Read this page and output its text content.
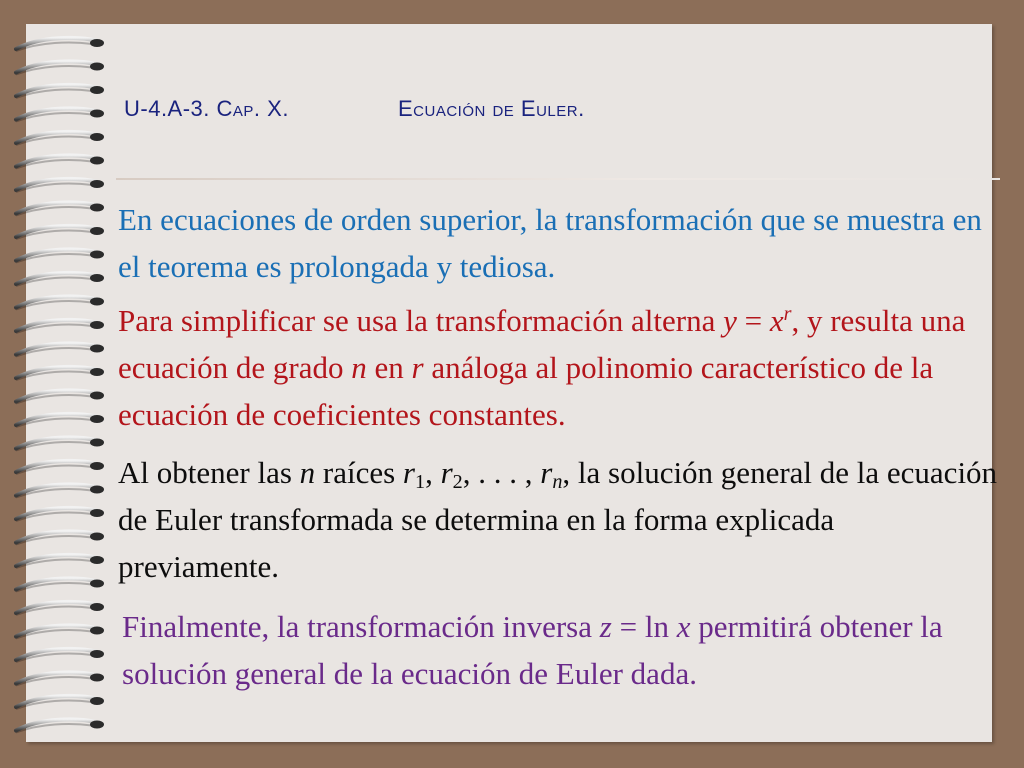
U-4.A-3. Cap. X.	Ecuación de Euler.

En ecuaciones de orden superior, la transformación que se muestra en el teorema es prolongada y tediosa.

Para simplificar se usa la transformación alterna $y = x^r$, y resulta una ecuación de grado n en r análoga al polinomio característico de la ecuación de coeficientes constantes.

Al obtener las n raíces $r_1$, $r_2$, . . . , $r_n$, la solución general de la ecuación de Euler transformada se determina en la forma explicada previamente.

Finalmente, la transformación inversa z = ln x permitirá obtener la solución general de la ecuación de Euler dada.
